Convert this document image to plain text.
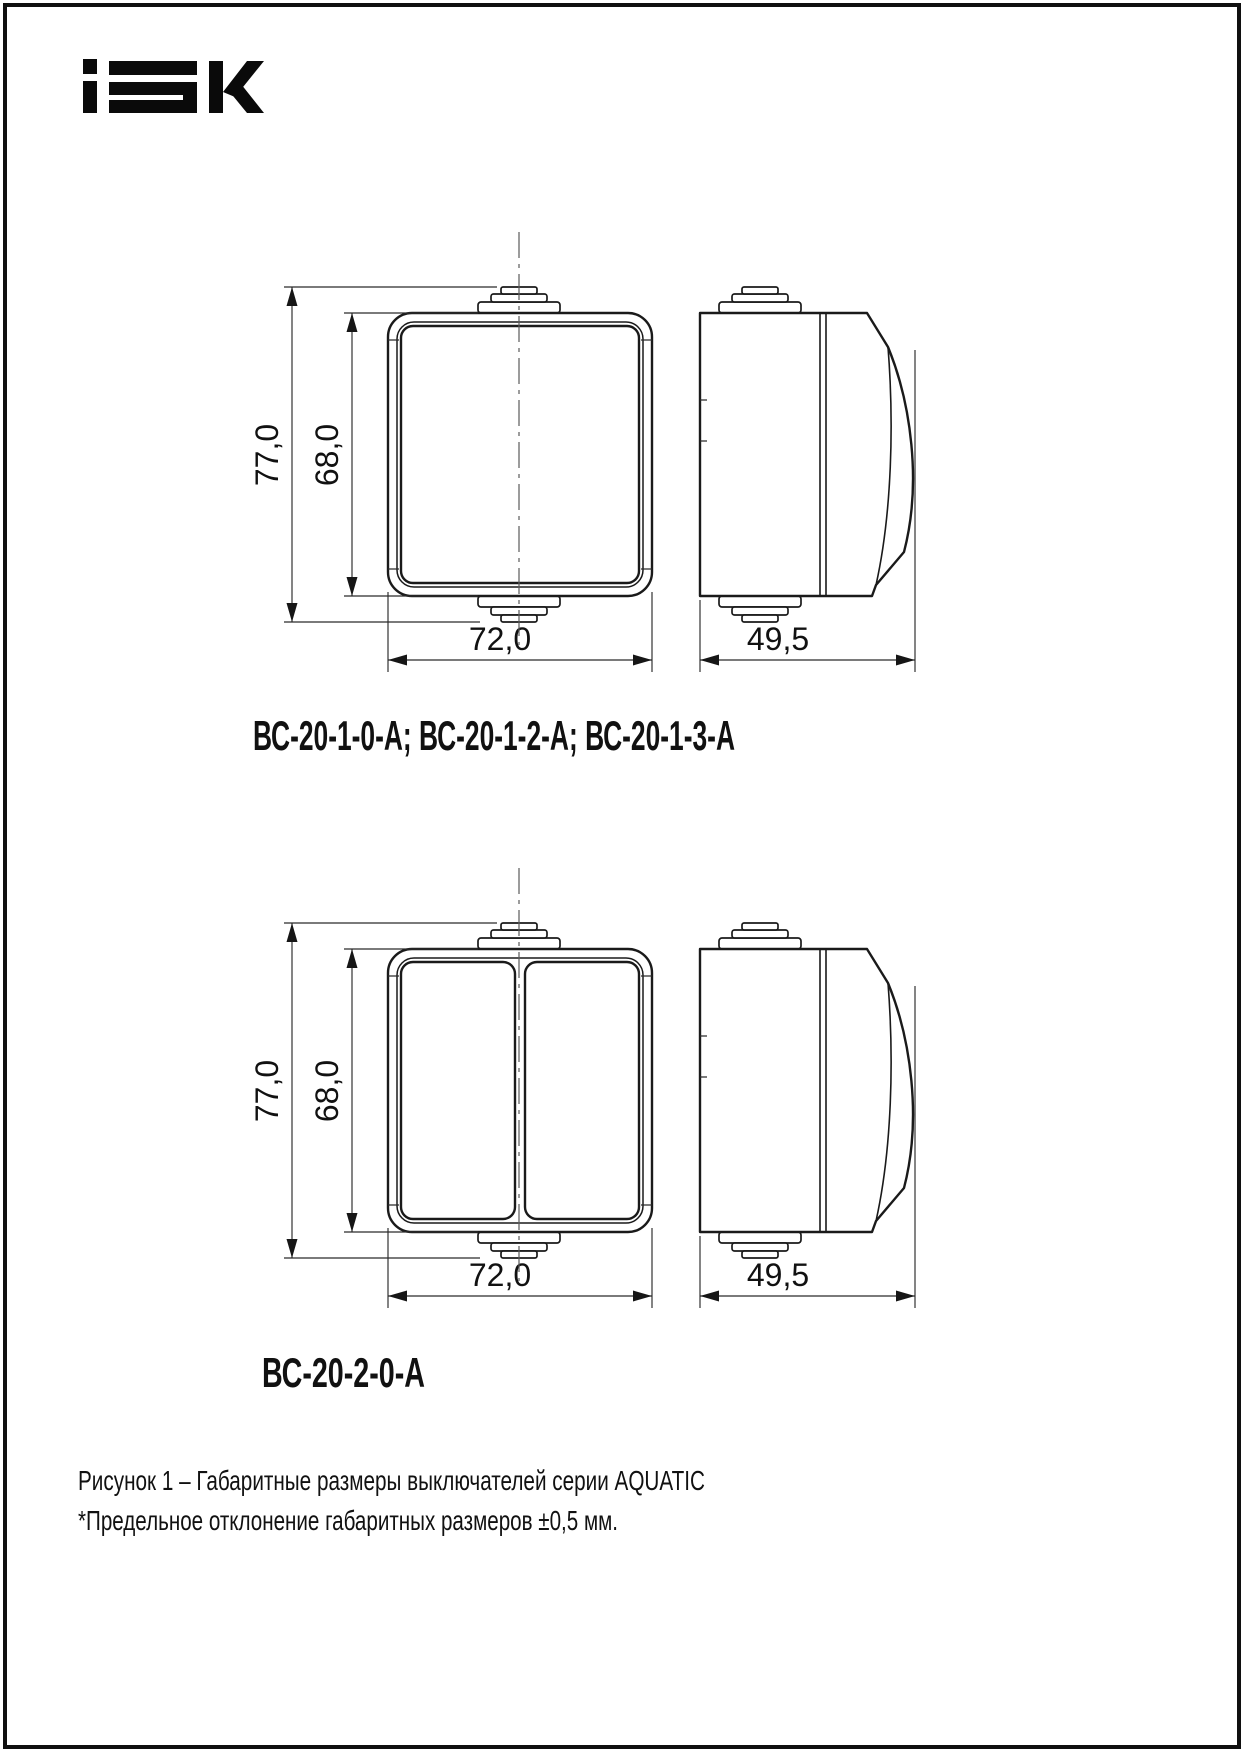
77,0 68,0
72,0	49,5
ВС-20-1-0-А; ВС-20-1-2-А; ВС-20-1-3-А
77,0 68,0
72,0	49,5
ВС-20-2-0-А
Рисунок 1 – Габаритные размеры выключателей серии AQUATIC
*Предельное отклонение габаритных размеров ±0,5 мм.
